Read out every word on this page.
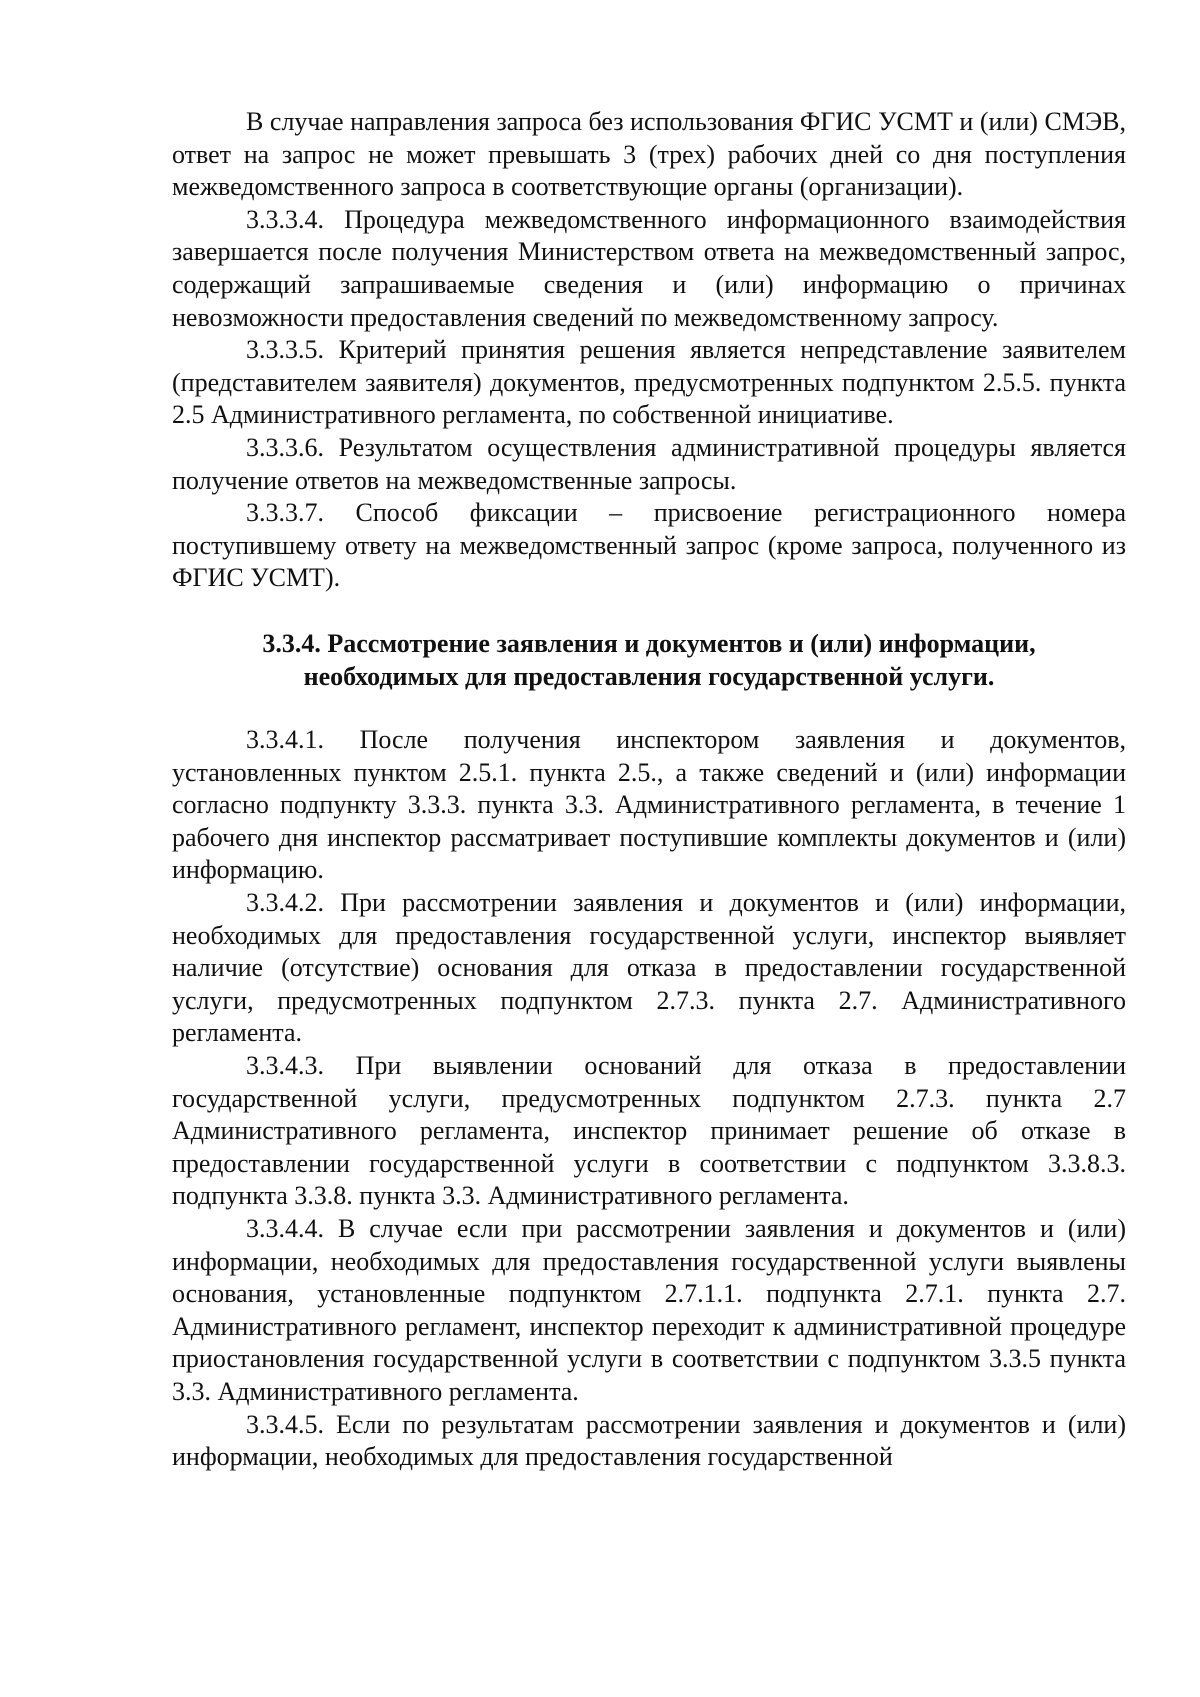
В случае направления запроса без использования ФГИС УСМТ и (или) СМЭВ, ответ на запрос не может превышать 3 (трех) рабочих дней со дня поступления межведомственного запроса в соответствующие органы (организации).

3.3.3.4. Процедура межведомственного информационного взаимодействия завершается после получения Министерством ответа на межведомственный запрос, содержащий запрашиваемые сведения и (или) информацию о причинах невозможности предоставления сведений по межведомственному запросу.

3.3.3.5. Критерий принятия решения является непредставление заявителем (представителем заявителя) документов, предусмотренных подпунктом 2.5.5. пункта 2.5 Административного регламента, по собственной инициативе.

3.3.3.6. Результатом осуществления административной процедуры является получение ответов на межведомственные запросы.

3.3.3.7. Способ фиксации – присвоение регистрационного номера поступившему ответу на межведомственный запрос (кроме запроса, полученного из ФГИС УСМТ).

3.3.4. Рассмотрение заявления и документов и (или) информации,
необходимых для предоставления государственной услуги.

3.3.4.1. После получения инспектором заявления и документов, установленных пунктом 2.5.1. пункта 2.5., а также сведений и (или) информации согласно подпункту 3.3.3. пункта 3.3. Административного регламента, в течение 1 рабочего дня инспектор рассматривает поступившие комплекты документов и (или) информацию.

3.3.4.2. При рассмотрении заявления и документов и (или) информации, необходимых для предоставления государственной услуги, инспектор выявляет наличие (отсутствие) основания для отказа в предоставлении государственной услуги, предусмотренных подпунктом 2.7.3. пункта 2.7. Административного регламента.

3.3.4.3. При выявлении оснований для отказа в предоставлении государственной услуги, предусмотренных подпунктом 2.7.3. пункта 2.7 Административного регламента, инспектор принимает решение об отказе в предоставлении государственной услуги в соответствии с подпунктом 3.3.8.3. подпункта 3.3.8. пункта 3.3. Административного регламента.

3.3.4.4. В случае если при рассмотрении заявления и документов и (или) информации, необходимых для предоставления государственной услуги выявлены основания, установленные подпунктом 2.7.1.1. подпункта 2.7.1. пункта 2.7. Административного регламент, инспектор переходит к административной процедуре приостановления государственной услуги в соответствии с подпунктом 3.3.5 пункта 3.3. Административного регламента.

3.3.4.5. Если по результатам рассмотрении заявления и документов и (или) информации, необходимых для предоставления государственной
